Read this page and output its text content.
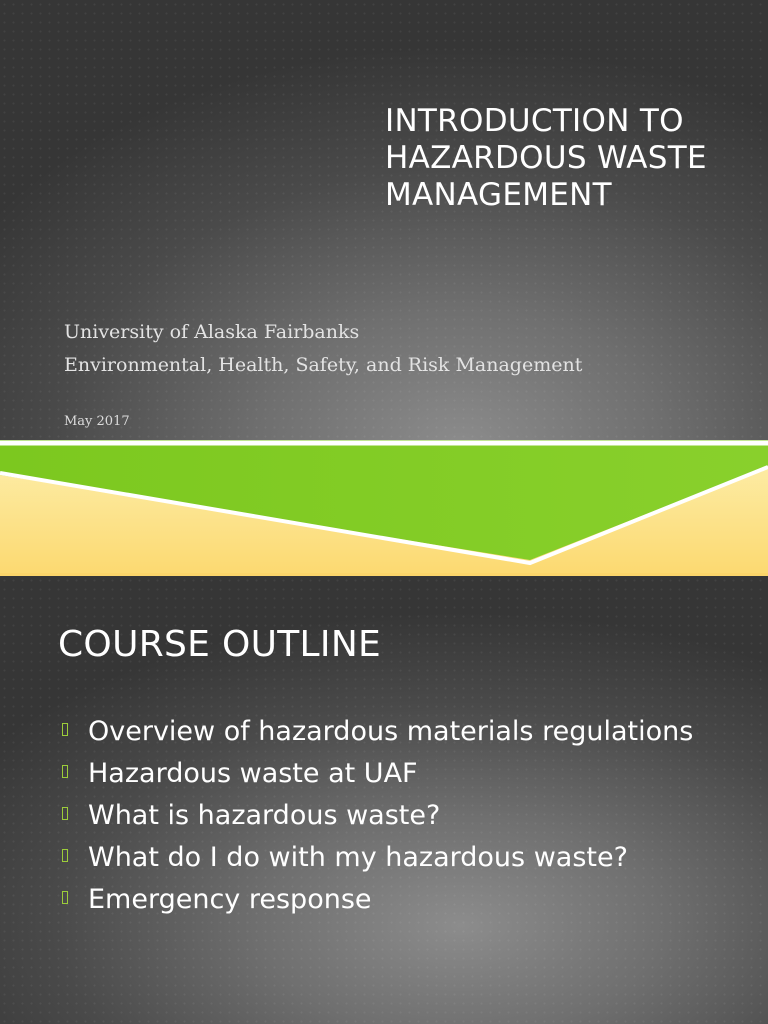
INTRODUCTION TO HAZARDOUS WASTE MANAGEMENT
University of Alaska Fairbanks
Environmental, Health, Safety, and Risk Management
May 2017
COURSE OUTLINE
Overview of hazardous materials regulations
Hazardous waste at UAF
What is hazardous waste?
What do I do with my hazardous waste?
Emergency response
